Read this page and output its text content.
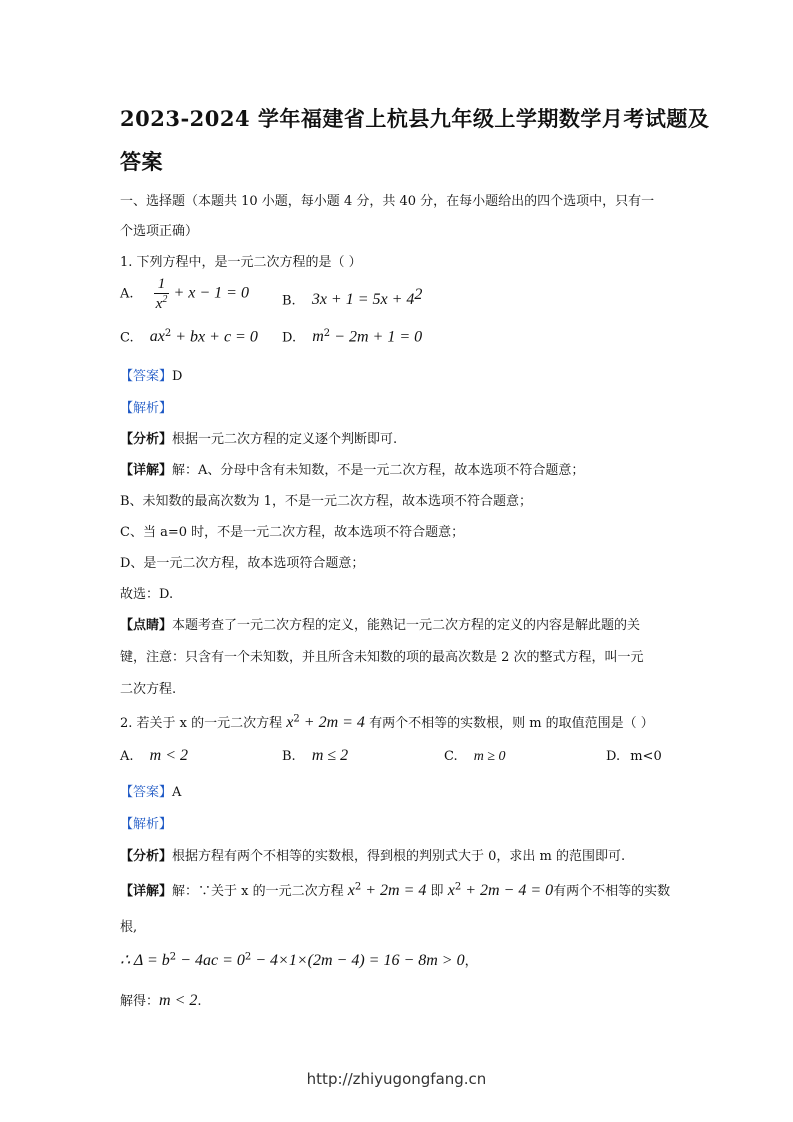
2023-2024 学年福建省上杭县九年级上学期数学月考试题及
答案
一、选择题（本题共 10 小题，每小题 4 分，共 40 分，在每小题给出的四个选项中，只有一
个选项正确）
1. 下列方程中，是一元二次方程的是（ ）
A. $\frac{1}{x^2} + x - 1 = 0$	B. $3x + 1 = 5x + 4^2$
C. $ax^2$ + bx + c = 0 D. $m^2 - 2m + 1 = 0$
【答案】D
【解析】
【分析】根据一元二次方程的定义逐个判断即可.
【详解】解：A、分母中含有未知数，不是一元二次方程，故本选项不符合题意；
B、未知数的最高次数为 1，不是一元二次方程，故本选项不符合题意；
C、当 a=0 时，不是一元二次方程，故本选项不符合题意；
D、是一元二次方程，故本选项符合题意；
故选：D.
【点睛】本题考查了一元二次方程的定义，能熟记一元二次方程的定义的内容是解此题的关
键，注意：只含有一个未知数，并且所含未知数的项的最高次数是 2 次的整式方程，叫一元
二次方程.
2. 若关于 x 的一元二次方程 $x^2 + 2m = 4$ 有两个不相等的实数根，则 m 的取值范围是（ ）
A. m < 2	B. m ≤ 2	C. m ≥ 0	D. m<0
【答案】A
【解析】
【分析】根据方程有两个不相等的实数根，得到根的判别式大于 0，求出 m 的范围即可.
【详解】解：∵关于 x 的一元二次方程 $x^2 + 2m = 4$ 即 $x^2 + 2m - 4 = 0$有两个不相等的实数
根,
∴ $\Delta = b^2 - 4ac = 0^2 - 4\times 1\times(2m - 4) = 16 - 8m > 0$，
解得：m < 2.
http://zhiyugongfang.cn
